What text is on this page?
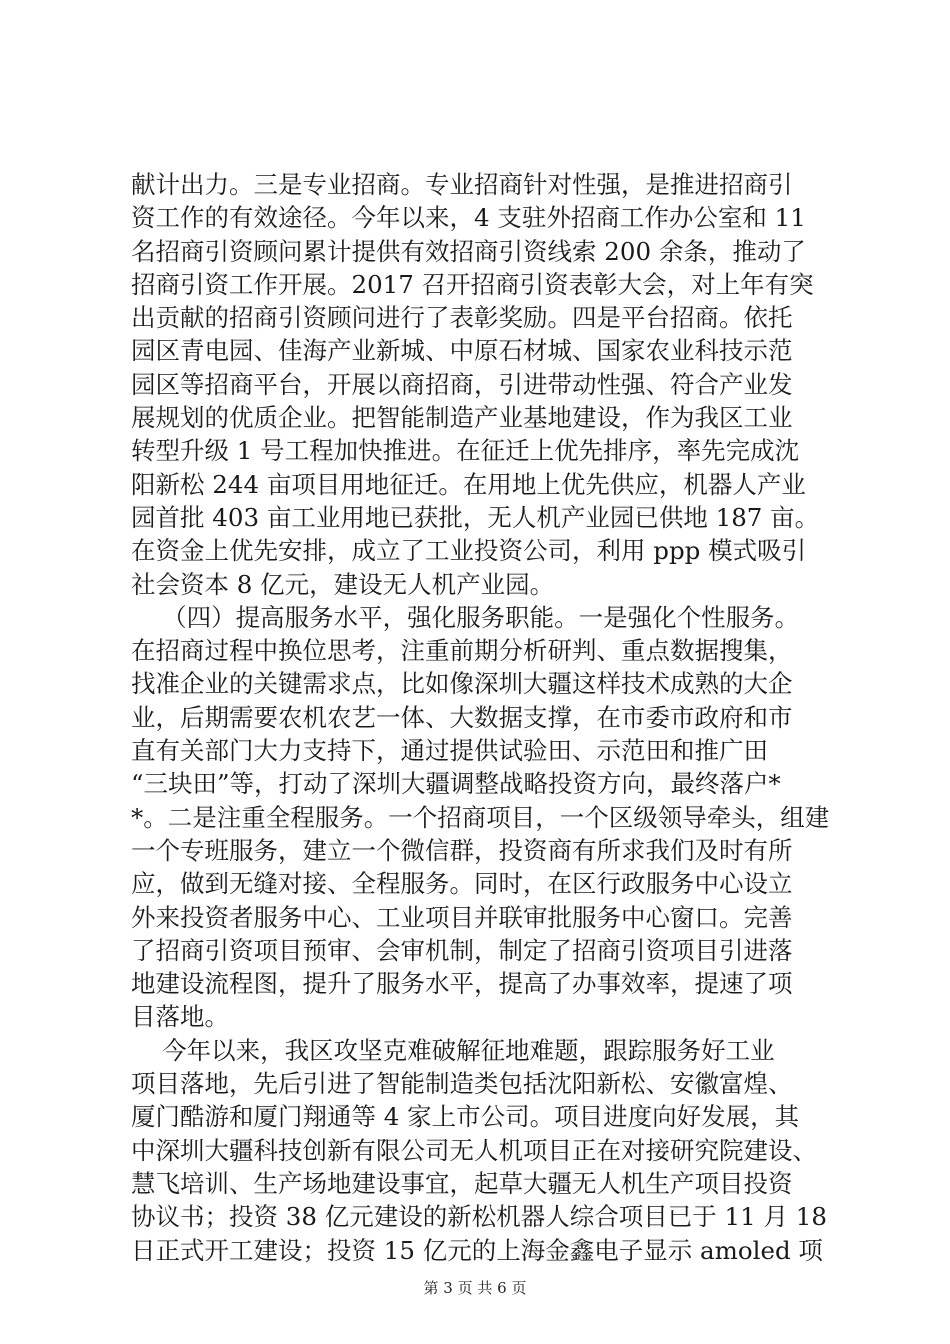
献计出力。三是专业招商。专业招商针对性强，是推进招商引
资工作的有效途径。今年以来，4 支驻外招商工作办公室和 11
名招商引资顾问累计提供有效招商引资线索 200 余条，推动了
招商引资工作开展。2017 召开招商引资表彰大会，对上年有突
出贡献的招商引资顾问进行了表彰奖励。四是平台招商。依托
园区青电园、佳海产业新城、中原石材城、国家农业科技示范
园区等招商平台，开展以商招商，引进带动性强、符合产业发
展规划的优质企业。把智能制造产业基地建设，作为我区工业
转型升级 1 号工程加快推进。在征迁上优先排序，率先完成沈
阳新松 244 亩项目用地征迁。在用地上优先供应，机器人产业
园首批 403 亩工业用地已获批，无人机产业园已供地 187 亩。
在资金上优先安排，成立了工业投资公司，利用 ppp 模式吸引
社会资本 8 亿元，建设无人机产业园。
（四）提高服务水平，强化服务职能。一是强化个性服务。
在招商过程中换位思考，注重前期分析研判、重点数据搜集，
找准企业的关键需求点，比如像深圳大疆这样技术成熟的大企
业，后期需要农机农艺一体、大数据支撑，在市委市政府和市
直有关部门大力支持下，通过提供试验田、示范田和推广田
“三块田”等，打动了深圳大疆调整战略投资方向，最终落户*
*。二是注重全程服务。一个招商项目，一个区级领导牵头，组建
一个专班服务，建立一个微信群，投资商有所求我们及时有所
应，做到无缝对接、全程服务。同时，在区行政服务中心设立
外来投资者服务中心、工业项目并联审批服务中心窗口。完善
了招商引资项目预审、会审机制，制定了招商引资项目引进落
地建设流程图，提升了服务水平，提高了办事效率，提速了项
目落地。
今年以来，我区攻坚克难破解征地难题，跟踪服务好工业
项目落地，先后引进了智能制造类包括沈阳新松、安徽富煌、
厦门酷游和厦门翔通等 4 家上市公司。项目进度向好发展，其
中深圳大疆科技创新有限公司无人机项目正在对接研究院建设、
慧飞培训、生产场地建设事宜，起草大疆无人机生产项目投资
协议书；投资 38 亿元建设的新松机器人综合项目已于 11 月 18
日正式开工建设；投资 15 亿元的上海金鑫电子显示 amoled 项
第 3 页 共 6 页
